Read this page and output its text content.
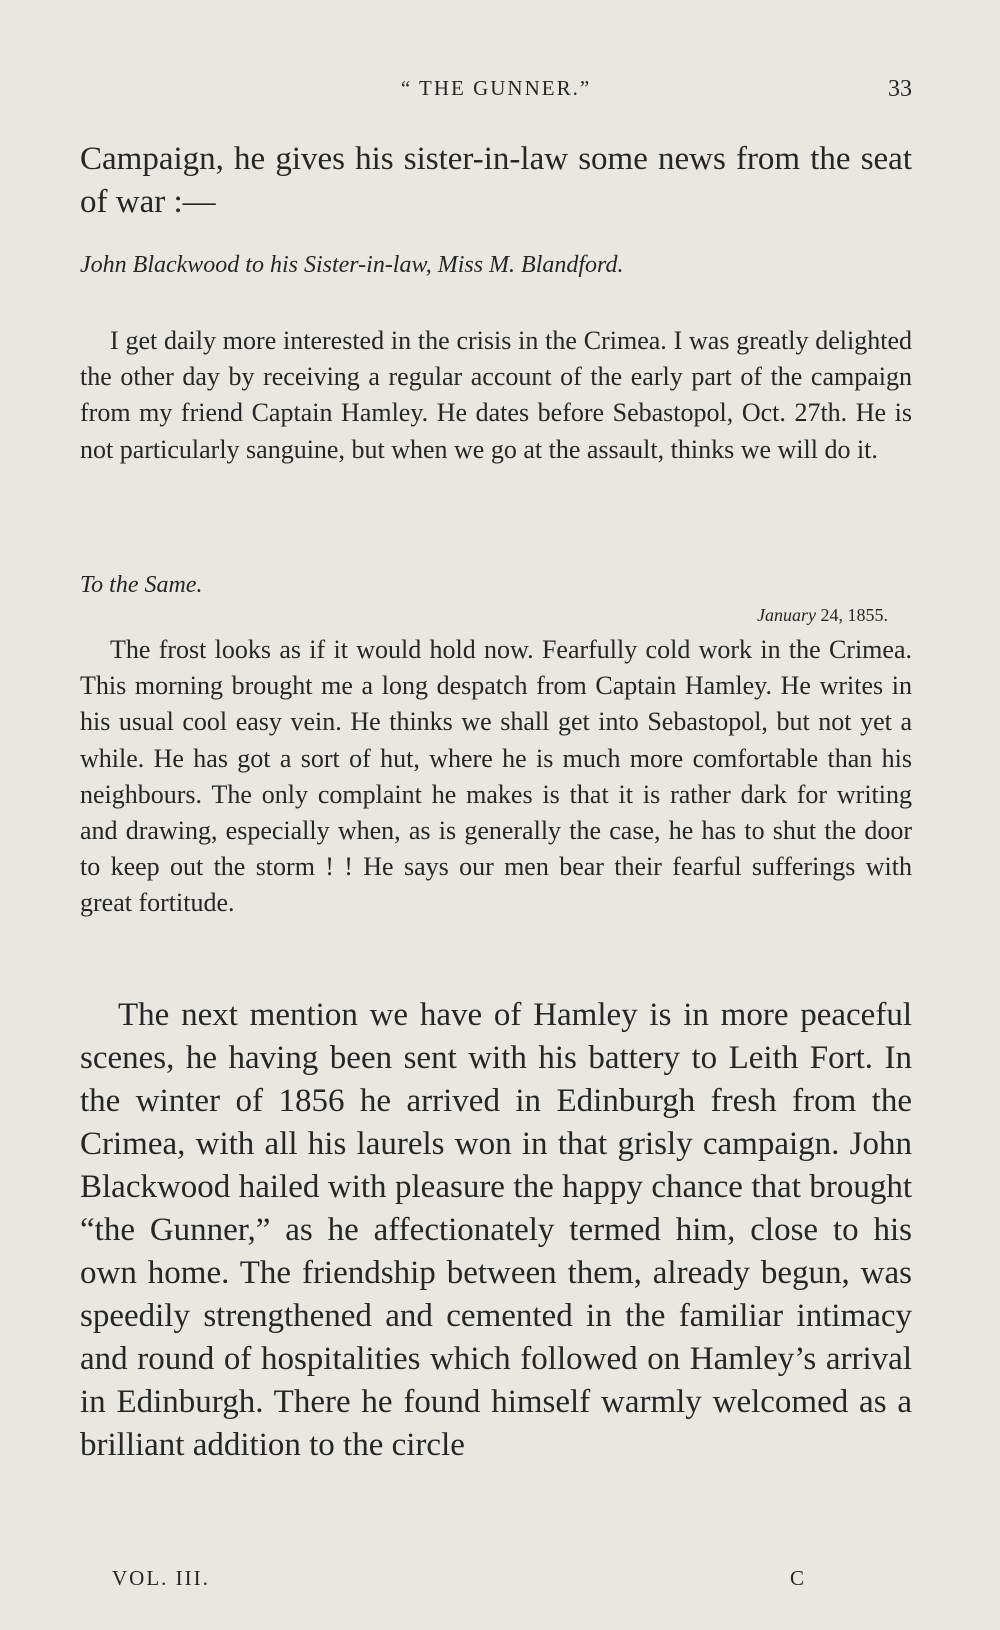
“ THE GUNNER.”	33

Campaign, he gives his sister-in-law some news from the seat of war :—

John Blackwood to his Sister-in-law, Miss M. Blandford.

I get daily more interested in the crisis in the Crimea. I was greatly delighted the other day by receiving a regular account of the early part of the campaign from my friend Captain Hamley. He dates before Sebastopol, Oct. 27th. He is not particularly sanguine, but when we go at the assault, thinks we will do it.

To the Same.

January 24, 1855.

The frost looks as if it would hold now. Fearfully cold work in the Crimea. This morning brought me a long despatch from Captain Hamley. He writes in his usual cool easy vein. He thinks we shall get into Sebastopol, but not yet a while. He has got a sort of hut, where he is much more comfortable than his neighbours. The only complaint he makes is that it is rather dark for writing and drawing, especially when, as is generally the case, he has to shut the door to keep out the storm ! ! He says our men bear their fearful sufferings with great fortitude.

The next mention we have of Hamley is in more peaceful scenes, he having been sent with his battery to Leith Fort. In the winter of 1856 he arrived in Edinburgh fresh from the Crimea, with all his laurels won in that grisly campaign. John Blackwood hailed with pleasure the happy chance that brought “the Gunner,” as he affectionately termed him, close to his own home. The friendship between them, already begun, was speedily strengthened and cemented in the familiar intimacy and round of hospitalities which followed on Hamley’s arrival in Edinburgh. There he found himself warmly welcomed as a brilliant addition to the circle

VOL. III.	C
